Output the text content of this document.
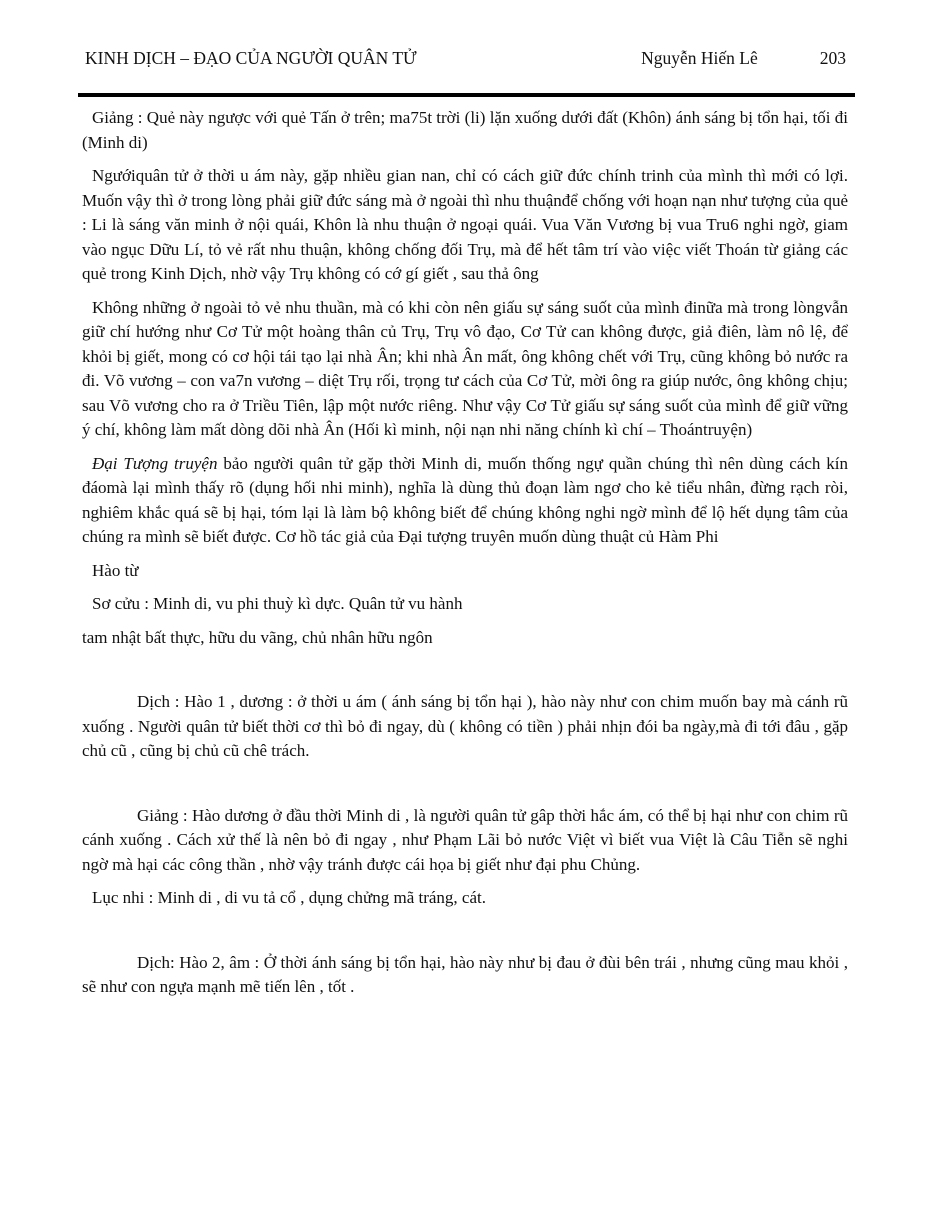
KINH DỊCH – ĐẠO CỦA NGƯỜI QUÂN TỬ	Nguyễn Hiến Lê	203

Giảng : Quẻ này ngược với quẻ Tấn ở trên; ma75t trời (li) lặn xuống dưới đất (Khôn) ánh sáng bị tổn hại, tối đi (Minh di)

Ngướiquân tử ở thời u ám này, gặp nhiều gian nan, chỉ có cách giữ đức chính trinh của mình thì mới có lợi. Muốn vậy thì ở trong lòng phải giữ đức sáng mà ở ngoài thì nhu thuậnđể chống với hoạn nạn như tượng của quẻ : Li là sáng văn minh ở nội quái, Khôn là nhu thuận ở ngoại quái. Vua Văn Vương bị vua Tru6 nghi ngờ, giam vào ngục Dữu Lí, tỏ vẻ rất nhu thuận, không chống đối Trụ, mà để hết tâm trí vào việc viết Thoán từ giảng các quẻ trong Kinh Dịch, nhờ vậy Trụ không có cớ gí giết , sau thả ông

Không những ở ngoài tỏ vẻ nhu thuần, mà có khi còn nên giấu sự sáng suốt của mình đinữa mà trong lòngvẫn giữ chí hướng như Cơ Tử một hoàng thân củ Trụ, Trụ vô đạo, Cơ Tử can không được, giả điên, làm nô lệ, để khỏi bị giết, mong có cơ hội tái tạo lại nhà Ân; khi nhà Ân mất, ông không chết với Trụ, cũng không bỏ nước ra đi. Võ vương – con va7n vương – diệt Trụ rối, trọng tư cách của Cơ Tử, mời ông ra giúp nước, ông không chịu; sau Võ vương cho ra ở Triều Tiên, lập một nước riêng. Như vậy Cơ Tử giấu sự sáng suốt của mình để giữ vững ý chí, không làm mất dòng dõi nhà Ân (Hối kì minh, nội nạn nhi năng chính kì chí – Thoántruyện)

Đại Tượng truyện bảo người quân tử gặp thời Minh di, muốn thống ngự quần chúng thì nên dùng cách kín đáomà lại mình thấy rõ (dụng hối nhi minh), nghĩa là dùng thủ đoạn làm ngơ cho kẻ tiểu nhân, đừng rạch ròi, nghiêm khắc quá sẽ bị hại, tóm lại là làm bộ không biết để chúng không nghi ngờ mình để lộ hết dụng tâm của chúng ra mình sẽ biết được. Cơ hồ tác giả của Đại tượng truyên muốn dùng thuật củ Hàm Phi

Hào từ

Sơ cửu : Minh di, vu phi thuỳ kì dực. Quân tử vu hành

tam nhật bất thực, hữu du vãng, chủ nhân hữu ngôn

Dịch : Hào 1 , dương : ở thời u ám ( ánh sáng bị tổn hại ), hào này như con chim muốn bay mà cánh rũ xuống . Người quân tử biết thời cơ thì bỏ đi ngay, dù ( không có tiền ) phải nhịn đói ba ngày,mà đi tới đâu , gặp chủ cũ , cũng bị chủ cũ chê trách.

Giảng : Hào dương ở đầu thời Minh di , là người quân tử gâp thời hắc ám, có thể bị hại như con chim rũ cánh xuống . Cách xử thế là nên bỏ đi ngay , như Phạm Lãi bỏ nước Việt vì biết vua Việt là Câu Tiễn sẽ nghi ngờ mà hại các công thần , nhờ vậy tránh được cái họa bị giết như đại phu Chủng.

Lục nhi : Minh di , di vu tả cổ , dụng chửng mã tráng, cát.

Dịch: Hào 2, âm : Ở thời ánh sáng bị tổn hại, hào này như bị đau ở đùi bên trái , nhưng cũng mau khỏi , sẽ như con ngựa mạnh mẽ tiến lên , tốt .
